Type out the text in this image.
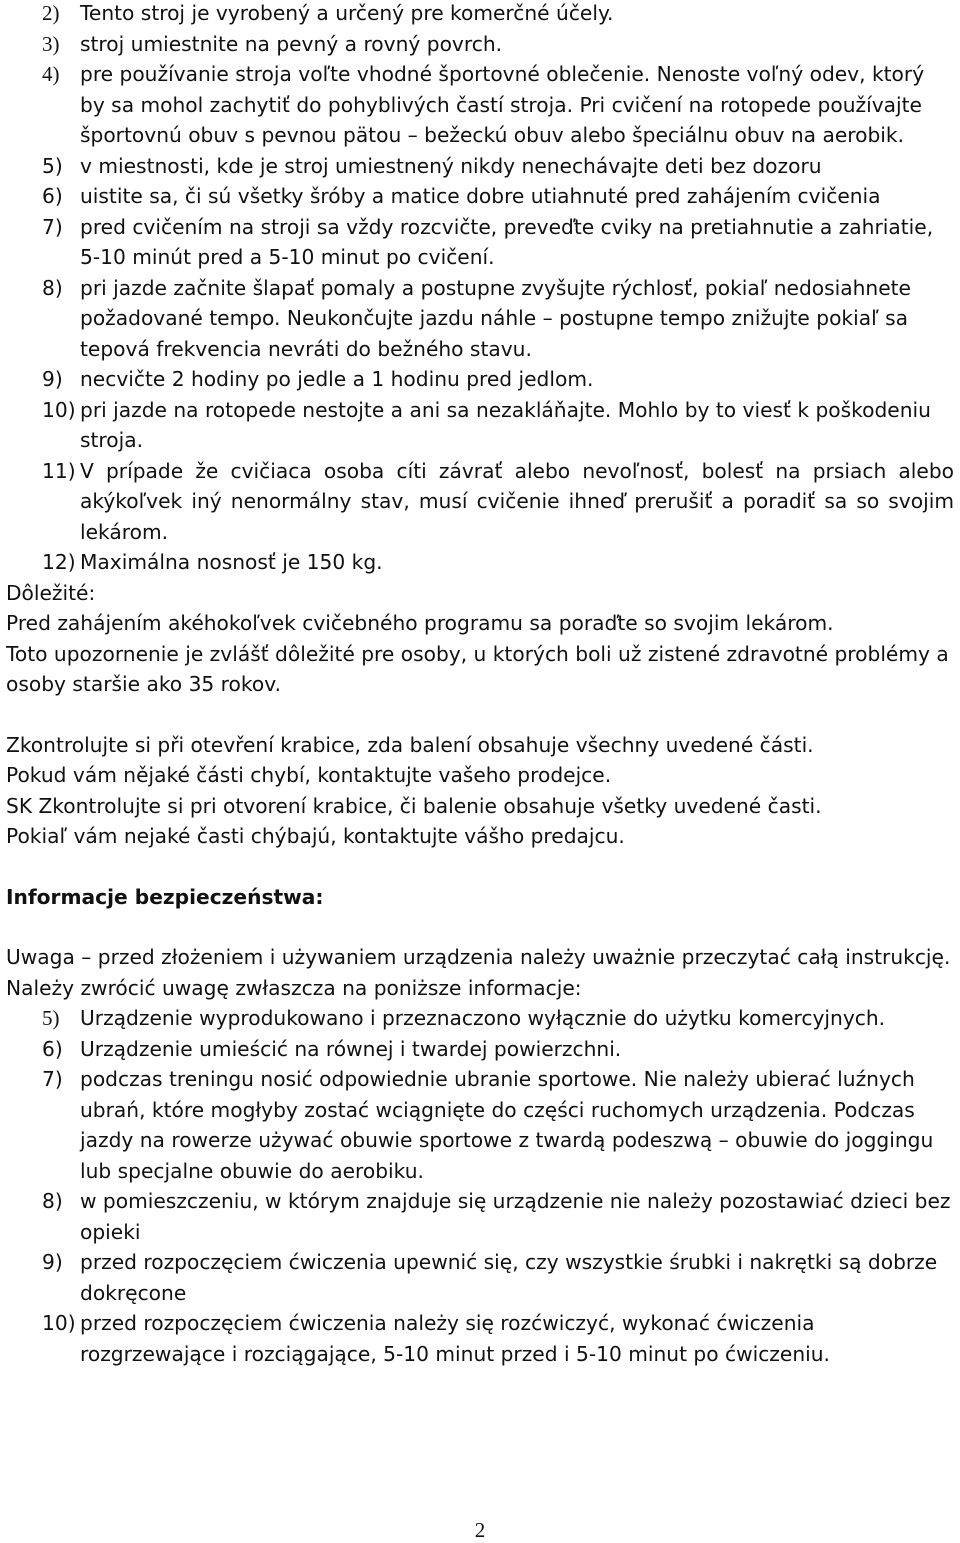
2)	Tento stroj je vyrobený a určený pre komerčné účely.
3)	stroj umiestnite na pevný a rovný povrch.
4)	pre používanie stroja voľte vhodné športovné oblečenie. Nenoste voľný odev, ktorý by sa mohol zachytiť do pohyblivých častí stroja. Pri cvičení na rotopede používajte športovnú obuv s pevnou pätou – bežeckú obuv alebo špeciálnu obuv na aerobik.
5) v miestnosti, kde je stroj umiestnený nikdy nenechávajte deti bez dozoru
6) uistite sa, či sú všetky šróby a matice dobre utiahnuté pred zahájením cvičenia
7) pred cvičením na stroji sa vždy rozcvičte, preveďte cviky na pretiahnutie a zahriatie, 5-10 minút pred a 5-10 minut po cvičení.
8) pri jazde začnite šlapať pomaly a postupne zvyšujte rýchlosť, pokiaľ nedosiahnete požadované tempo. Neukončujte jazdu náhle – postupne tempo znižujte pokiaľ sa tepová frekvencia nevráti do bežného stavu.
9) necvičte 2 hodiny po jedle a 1 hodinu pred jedlom.
10) pri jazde na rotopede nestojte a ani sa nezakláňajte. Mohlo by to viesť k poškodeniu stroja.
11) V prípade že cvičiaca osoba cíti závrať alebo nevoľnosť, bolesť na prsiach alebo akýkoľvek iný nenormálny stav, musí cvičenie ihneď prerušiť a poradiť sa so svojim lekárom.
12) Maximálna nosnosť je 150 kg.

Dôležité:

Pred zahájením akéhokoľvek cvičebného programu sa poraďte so svojim lekárom.

Toto upozornenie je zvlášť dôležité pre osoby, u ktorých boli už zistené zdravotné problémy a osoby staršie ako 35 rokov.

Zkontrolujte si při otevření krabice, zda balení obsahuje všechny uvedené části.

Pokud vám nějaké části chybí, kontaktujte vašeho prodejce.

SK Zkontrolujte si pri otvorení krabice, či balenie obsahuje všetky uvedené časti.

Pokiaľ vám nejaké časti chýbajú, kontaktujte vášho predajcu.

Informacje bezpieczeństwa:

Uwaga – przed złożeniem i używaniem urządzenia należy uważnie przeczytać całą instrukcję. Należy zwrócić uwagę zwłaszcza na poniższe informacje:

5)	Urządzenie wyprodukowano i przeznaczono wyłącznie do użytku komercyjnych.
6) Urządzenie umieścić na równej i twardej powierzchni.
7) podczas treningu nosić odpowiednie ubranie sportowe. Nie należy ubierać luźnych ubrań, które mogłyby zostać wciągnięte do części ruchomych urządzenia. Podczas jazdy na rowerze używać obuwie sportowe z twardą podeszwą – obuwie do joggingu lub specjalne obuwie do aerobiku.
8) w pomieszczeniu, w którym znajduje się urządzenie nie należy pozostawiać dzieci bez opieki
9) przed rozpoczęciem ćwiczenia upewnić się, czy wszystkie śrubki i nakrętki są dobrze dokręcone
10) przed rozpoczęciem ćwiczenia należy się rozćwiczyć, wykonać ćwiczenia rozgrzewające i rozciągające, 5-10 minut przed i 5-10 minut po ćwiczeniu.
2
